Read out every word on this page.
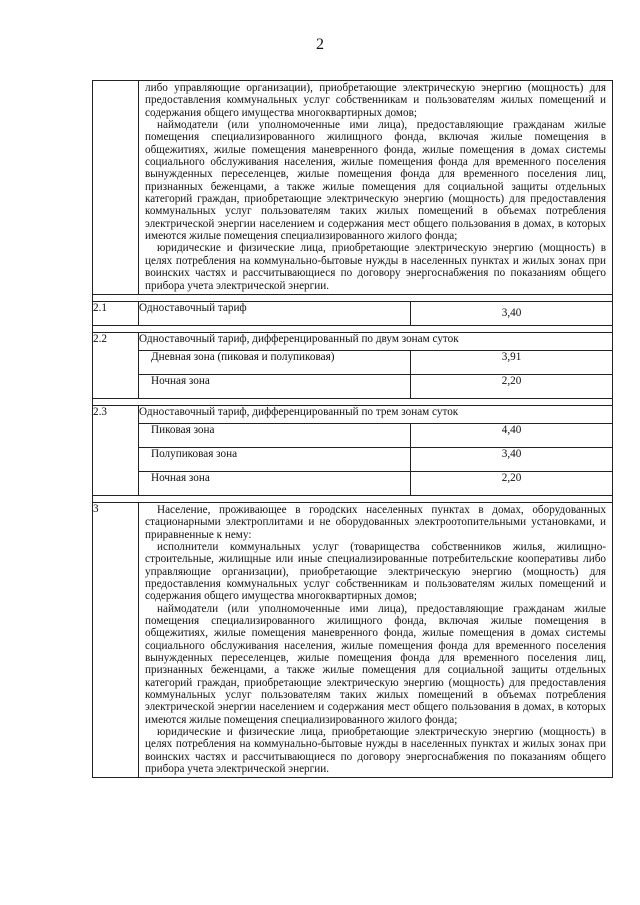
2

	либо управляющие организации), приобретающие электрическую энергию (мощность) для предоставления коммунальных услуг собственникам и пользователям жилых помещений и содержания общего имущества многоквартирных домов;

наймодатели (или уполномоченные ими лица), предоставляющие гражданам жилые помещения специализированного жилищного фонда, включая жилые помещения в общежитиях, жилые помещения маневренного фонда, жилые помещения в домах системы социального обслуживания населения, жилые помещения фонда для временного поселения вынужденных переселенцев, жилые помещения фонда для временного поселения лиц, признанных беженцами, а также жилые помещения для социальной защиты отдельных категорий граждан, приобретающие электрическую энергию (мощность) для предоставления коммунальных услуг пользователям таких жилых помещений в объемах потребления электрической энергии населением и содержания мест общего пользования в домах, в которых имеются жилые помещения специализированного жилого фонда;

юридические и физические лица, приобретающие электрическую энергию (мощность) в целях потребления на коммунально-бытовые нужды в населенных пунктах и жилых зонах при воинских частях и рассчитывающиеся по договору энергоснабжения по показаниям общего прибора учета электрической энергии.	

2.1	Одноставочный тариф	3,40

2.2	Одноставочный тариф, дифференцированный по двум зонам суток	
	Дневная зона (пиковая и полупиковая)	3,91
	Ночная зона	2,20

2.3	Одноставочный тариф, дифференцированный по трем зонам суток	
	Пиковая зона	4,40
	Полупиковая зона	3,40
	Ночная зона	2,20

3	Население, проживающее в городских населенных пунктах в домах, оборудованных стационарными электроплитами и не оборудованных электроотопительными установками, и приравненные к нему:

исполнители коммунальных услуг (товарищества собственников жилья, жилищно-строительные, жилищные или иные специализированные потребительские кооперативы либо управляющие организации), приобретающие электрическую энергию (мощность) для предоставления коммунальных услуг собственникам и пользователям жилых помещений и содержания общего имущества многоквартирных домов;

наймодатели (или уполномоченные ими лица), предоставляющие гражданам жилые помещения специализированного жилищного фонда, включая жилые помещения в общежитиях, жилые помещения маневренного фонда, жилые помещения в домах системы социального обслуживания населения, жилые помещения фонда для временного поселения вынужденных переселенцев, жилые помещения фонда для временного поселения лиц, признанных беженцами, а также жилые помещения для социальной защиты отдельных категорий граждан, приобретающие электрическую энергию (мощность) для предоставления коммунальных услуг пользователям таких жилых помещений в объемах потребления электрической энергии населением и содержания мест общего пользования в домах, в которых имеются жилые помещения специализированного жилого фонда;

юридические и физические лица, приобретающие электрическую энергию (мощность) в целях потребления на коммунально-бытовые нужды в населенных пунктах и жилых зонах при воинских частях и рассчитывающиеся по договору энергоснабжения по показаниям общего прибора учета электрической энергии.	
